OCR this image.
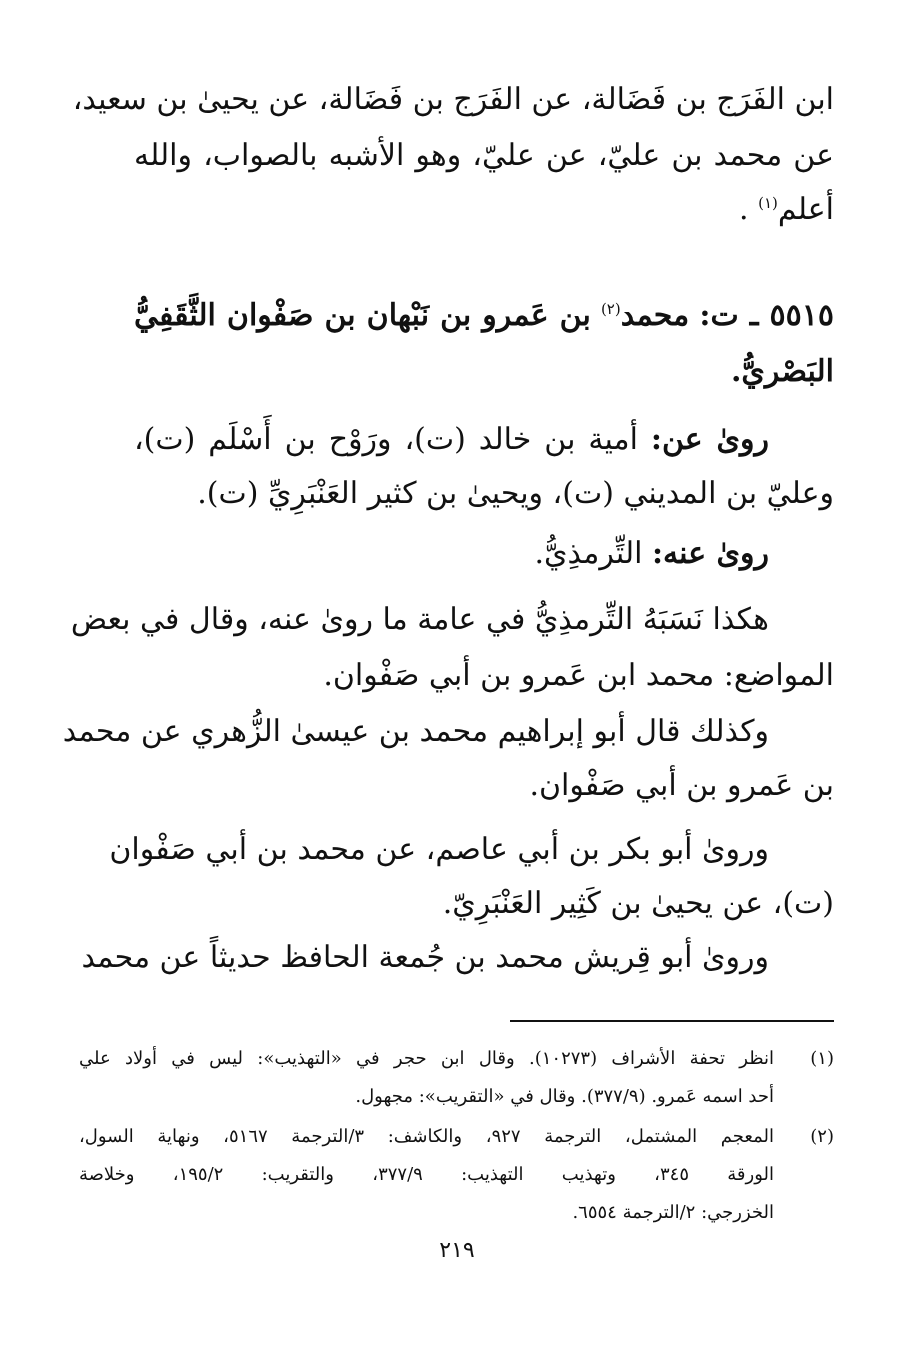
ابن الفَرَج بن فَضَالة، عن الفَرَج بن فَضَالة، عن يحيىٰ بن سعيد،
عن محمد بن عليّ، عن عليّ، وهو الأشبه بالصواب، والله
أعلم$^{(١)}$ .
٥٥١٥ ـ ت: محمد$^{(٢)}$ بن عَمرو بن نَبْهان بن صَفْوان الثَّقَفِيُّ
البَصْريُّ.
روىٰ عن: أمية بن خالد (ت)، ورَوْح بن أَسْلَم (ت)،
وعليّ بن المديني (ت)، ويحيىٰ بن كثير العَنْبَرِيِّ (ت).
روىٰ عنه: التِّرمذِيُّ.
هكذا نَسَبَهُ التِّرمذِيُّ في عامة ما روىٰ عنه، وقال في بعض
المواضع: محمد ابن عَمرو بن أبي صَفْوان.
وكذلك قال أبو إبراهيم محمد بن عيسىٰ الزُّهري عن محمد
بن عَمرو بن أبي صَفْوان.
وروىٰ أبو بكر بن أبي عاصم، عن محمد بن أبي صَفْوان
(ت)، عن يحيىٰ بن كَثِير العَنْبَرِيّ.
وروىٰ أبو قِريش محمد بن جُمعة الحافظ حديثاً عن محمد
(١)
انظر تحفة الأشراف (١٠٢٧٣). وقال ابن حجر في «التهذيب»: ليس في أولاد علي
أحد اسمه عَمرو. (٣٧٧/٩). وقال في «التقريب»: مجهول.
(٢)
المعجم المشتمل، الترجمة ٩٢٧، والكاشف: ٣/الترجمة ٥١٦٧، ونهاية السول،
الورقة ٣٤٥، وتهذيب التهذيب: ٣٧٧/٩، والتقريب: ١٩٥/٢، وخلاصة
الخزرجي: ٢/الترجمة ٦٥٥٤.
٢١٩
